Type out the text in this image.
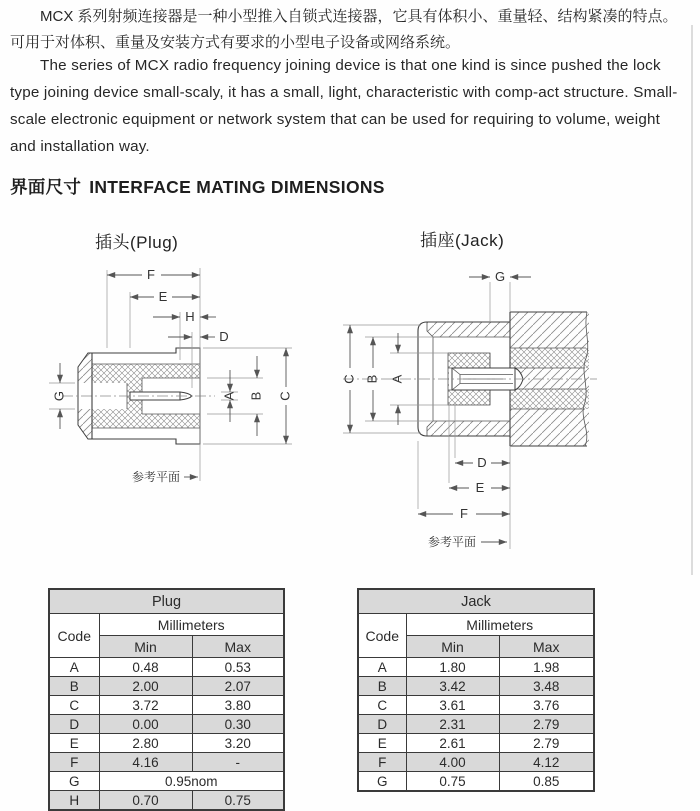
MCX 系列射频连接器是一种小型推入自锁式连接器，它具有体积小、重量轻、结构紧凑的特点。可用于对体积、重量及安装方式有要求的小型电子设备或网络系统。
The series of MCX radio frequency joining device is that one kind is since pushed the lock type joining device small-scaly, it has a small, light, characteristic with comp-act structure. Small-scale electronic equipment or network system that can be used for requiring to volume, weight and installation way.
界面尺寸 INTERFACE MATING DIMENSIONS
插头(Plug)	插座(Jack)
F
E
H
D
G	A B C
参考平面
G
C B A
D
E
F
参考平面
Plug		
Code	Millimeters	
	Min	Max
A	0.48	0.53
B	2.00	2.07
C	3.72	3.80
D	0.00	0.30
E	2.80	3.20
F	4.16	-
G	0.95nom	
H	0.70	0.75
Jack		
Code	Millimeters	
	Min	Max
A	1.80	1.98
B	3.42	3.48
C	3.61	3.76
D	2.31	2.79
E	2.61	2.79
F	4.00	4.12
G	0.75	0.85
